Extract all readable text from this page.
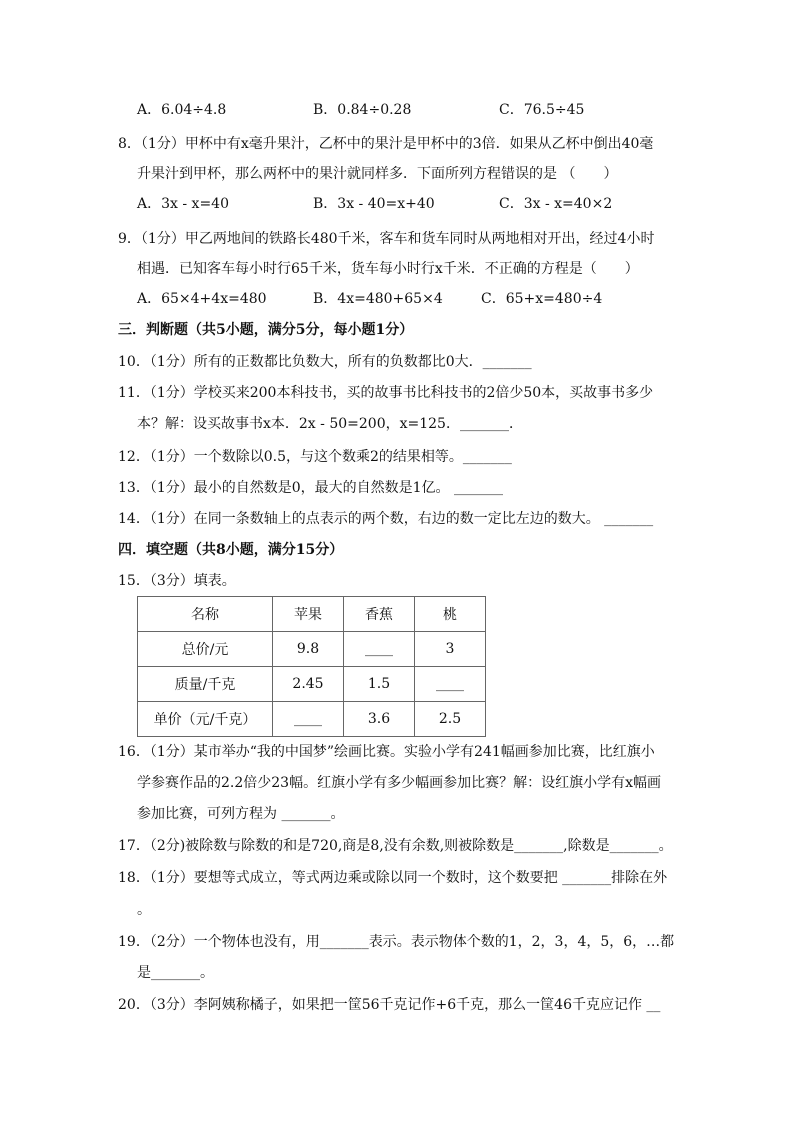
A．6.04÷4.8	B．0.84÷0.28	C．76.5÷45
8．（1分）甲杯中有x毫升果汁，乙杯中的果汁是甲杯中的3倍．如果从乙杯中倒出40毫
升果汁到甲杯，那么两杯中的果汁就同样多．下面所列方程错误的是 （　　）
A．3x - x=40	B．3x - 40=x+40	C．3x - x=40×2
9．（1分）甲乙两地间的铁路长480千米，客车和货车同时从两地相对开出，经过4小时
相遇．已知客车每小时行65千米，货车每小时行x千米．不正确的方程是（　　）
A．65×4+4x=480	B．4x=480+65×4	C．65+x=480÷4
三．判断题（共5小题，满分5分，每小题1分）
10．（1分）所有的正数都比负数大，所有的负数都比0大．_______
11．（1分）学校买来200本科技书，买的故事书比科技书的2倍少50本，买故事书多少
本？解：设买故事书x本．2x - 50=200，x=125．_______．
12．（1分）一个数除以0.5，与这个数乘2的结果相等。_______
13．（1分）最小的自然数是0，最大的自然数是1亿。 _______
14．（1分）在同一条数轴上的点表示的两个数，右边的数一定比左边的数大。 _______
四．填空题（共8小题，满分15分）
15．（3分）填表。
名称	苹果	香蕉	桃
总价/元	9.8	____	3
质量/千克	2.45	1.5	____
单价（元/千克）	____	3.6	2.5
16．（1分）某市举办“我的中国梦”绘画比赛。实验小学有241幅画参加比赛，比红旗小
学参赛作品的2.2倍少23幅。红旗小学有多少幅画参加比赛？解：设红旗小学有x幅画
参加比赛，可列方程为 _______。
17．（2分)被除数与除数的和是720,商是8,没有余数,则被除数是_______,除数是_______。
18．（1分）要想等式成立，等式两边乘或除以同一个数时，这个数要把 _______排除在外
。
19．（2分）一个物体也没有，用_______表示。表示物体个数的1，2，3，4，5，6，…都
是_______。
20．（3分）李阿姨称橘子，如果把一筐56千克记作+6千克，那么一筐46千克应记作 __
